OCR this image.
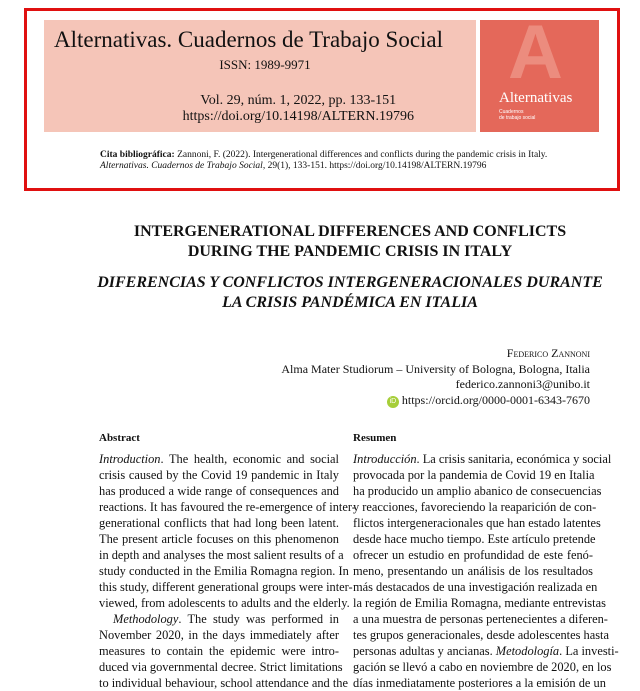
Alternativas. Cuadernos de Trabajo Social
ISSN: 1989-9971
Vol. 29, núm. 1, 2022, pp. 133-151
https://doi.org/10.14198/ALTERN.19796
A
Alternativas
Cuadernos
de trabajo social
Cita bibliográfica: Zannoni, F. (2022). Intergenerational differences and conflicts during the pandemic crisis in Italy.
Alternativas. Cuadernos de Trabajo Social, 29(1), 133-151. https://doi.org/10.14198/ALTERN.19796
INTERGENERATIONAL DIFFERENCES AND CONFLICTS
DURING THE PANDEMIC CRISIS IN ITALY
DIFERENCIAS Y CONFLICTOS INTERGENERACIONALES DURANTE
LA CRISIS PANDÉMICA EN ITALIA
Federico Zannoni
Alma Mater Studiorum – University of Bologna, Bologna, Italia
federico.zannoni3@unibo.it
iD https://orcid.org/0000-0001-6343-7670
Abstract
Introduction. The health, economic and social
crisis caused by the Covid 19 pandemic in Italy
has produced a wide range of consequences and
reactions. It has favoured the re-emergence of inter-
generational conflicts that had long been latent.
The present article focuses on this phenomenon
in depth and analyses the most salient results of a
study conducted in the Emilia Romagna region. In
this study, different generational groups were inter-
viewed, from adolescents to adults and the elderly.
Methodology. The study was performed in
November 2020, in the days immediately after
measures to contain the epidemic were intro-
duced via governmental decree. Strict limitations
to individual behaviour, school attendance and the
Resumen
Introducción. La crisis sanitaria, económica y social
provocada por la pandemia de Covid 19 en Italia
ha producido un amplio abanico de consecuencias
y reacciones, favoreciendo la reaparición de con-
flictos intergeneracionales que han estado latentes
desde hace mucho tiempo. Este artículo pretende
ofrecer un estudio en profundidad de este fenó-
meno, presentando un análisis de los resultados
más destacados de una investigación realizada en
la región de Emilia Romagna, mediante entrevistas
a una muestra de personas pertenecientes a diferen-
tes grupos generacionales, desde adolescentes hasta
personas adultas y ancianas. Metodología. La investi-
gación se llevó a cabo en noviembre de 2020, en los
días inmediatamente posteriores a la emisión de un
